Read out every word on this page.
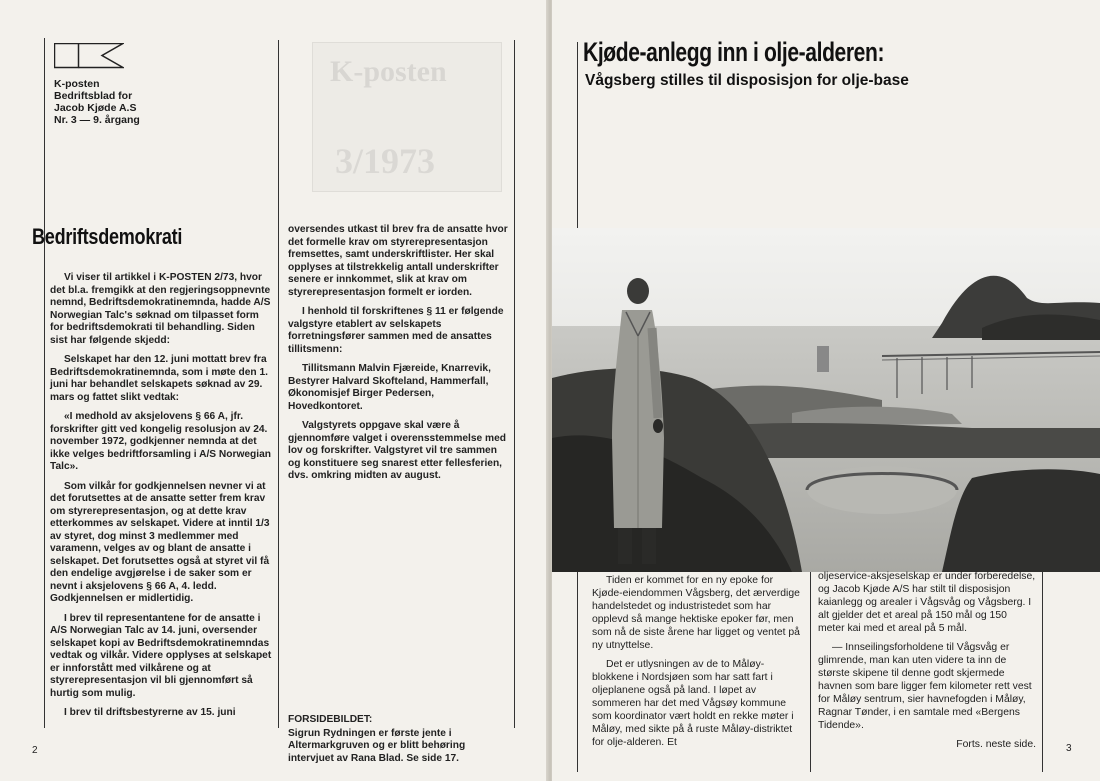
K-posten
3/1973
K-posten
Bedriftsblad for
Jacob Kjøde A.S
Nr. 3 — 9. årgang
Bedriftsdemokrati

Vi viser til artikkel i K-POSTEN 2/73, hvor det bl.a. fremgikk at den regjeringsoppnevnte nemnd, Bedriftsdemokratinemnda, hadde A/S Norwegian Talc's søknad om tilpasset form for bedriftsdemokrati til behandling. Siden sist har følgende skjedd:

Selskapet har den 12. juni mottatt brev fra Bedriftsdemokratinemnda, som i møte den 1. juni har behandlet selskapets søknad av 29. mars og fattet slikt vedtak:

«I medhold av aksjelovens § 66 A, jfr. forskrifter gitt ved kongelig resolusjon av 24. november 1972, godkjenner nemnda at det ikke velges bedriftforsamling i A/S Norwegian Talc».

Som vilkår for godkjennelsen nevner vi at det forutsettes at de ansatte setter frem krav om styrerepresentasjon, og at dette krav etterkommes av selskapet. Videre at inntil 1/3 av styret, dog minst 3 medlemmer med varamenn, velges av og blant de ansatte i selskapet. Det forutsettes også at styret vil få den endelige avgjørelse i de saker som er nevnt i aksjelovens § 66 A, 4. ledd. Godkjennelsen er midlertidig.

I brev til representantene for de ansatte i A/S Norwegian Talc av 14. juni, oversender selskapet kopi av Bedriftsdemokratinemndas vedtak og vilkår. Videre opplyses at selskapet er innforstått med vilkårene og at styrerepresentasjon vil bli gjennomført så hurtig som mulig.

I brev til driftsbestyrerne av 15. juni

oversendes utkast til brev fra de ansatte hvor det formelle krav om styrerepresentasjon fremsettes, samt underskriftlister. Her skal opplyses at tilstrekkelig antall underskrifter senere er innkommet, slik at krav om styrerepresentasjon formelt er iorden.

I henhold til forskriftenes § 11 er følgende valgstyre etablert av selskapets forretningsfører sammen med de ansattes tillitsmenn:

Tillitsmann Malvin Fjæreide, Knarrevik, Bestyrer Halvard Skofteland, Hammerfall, Økonomisjef Birger Pedersen, Hovedkontoret.

Valgstyrets oppgave skal være å gjennomføre valget i overensstemmelse med lov og forskrifter. Valgstyret vil tre sammen og konstituere seg snarest etter fellesferien, dvs. omkring midten av august.

FORSIDEBILDET:
Sigrun Rydningen er første jente i Altermarkgruven og er blitt behøring intervjuet av Rana Blad. Se side 17.
2
Kjøde-anlegg inn i olje-alderen:
Vågsberg stilles til disposisjon for olje-base

Tiden er kommet for en ny epoke for Kjøde-eiendommen Vågsberg, det ærverdige handelstedet og industristedet som har opplevd så mange hektiske epoker før, men som nå de siste årene har ligget og ventet på ny utnyttelse.

Det er utlysningen av de to Måløy-blokkene i Nordsjøen som har satt fart i oljeplanene også på land. I løpet av sommeren har det med Vågsøy kommune som koordinator vært holdt en rekke møter i Måløy, med sikte på å ruste Måløy-distriktet for olje-alderen. Et

oljeservice-aksjeselskap er under forberedelse, og Jacob Kjøde A/S har stilt til disposisjon kaianlegg og arealer i Vågsvåg og Vågsberg. I alt gjelder det et areal på 150 mål og 150 meter kai med et areal på 5 mål.

— Innseilingsforholdene til Vågsvåg er glimrende, man kan uten videre ta inn de største skipene til denne godt skjermede havnen som bare ligger fem kilometer rett vest for Måløy sentrum, sier havnefogden i Måløy, Ragnar Tønder, i en samtale med «Bergens Tidende».

Forts. neste side.	3
